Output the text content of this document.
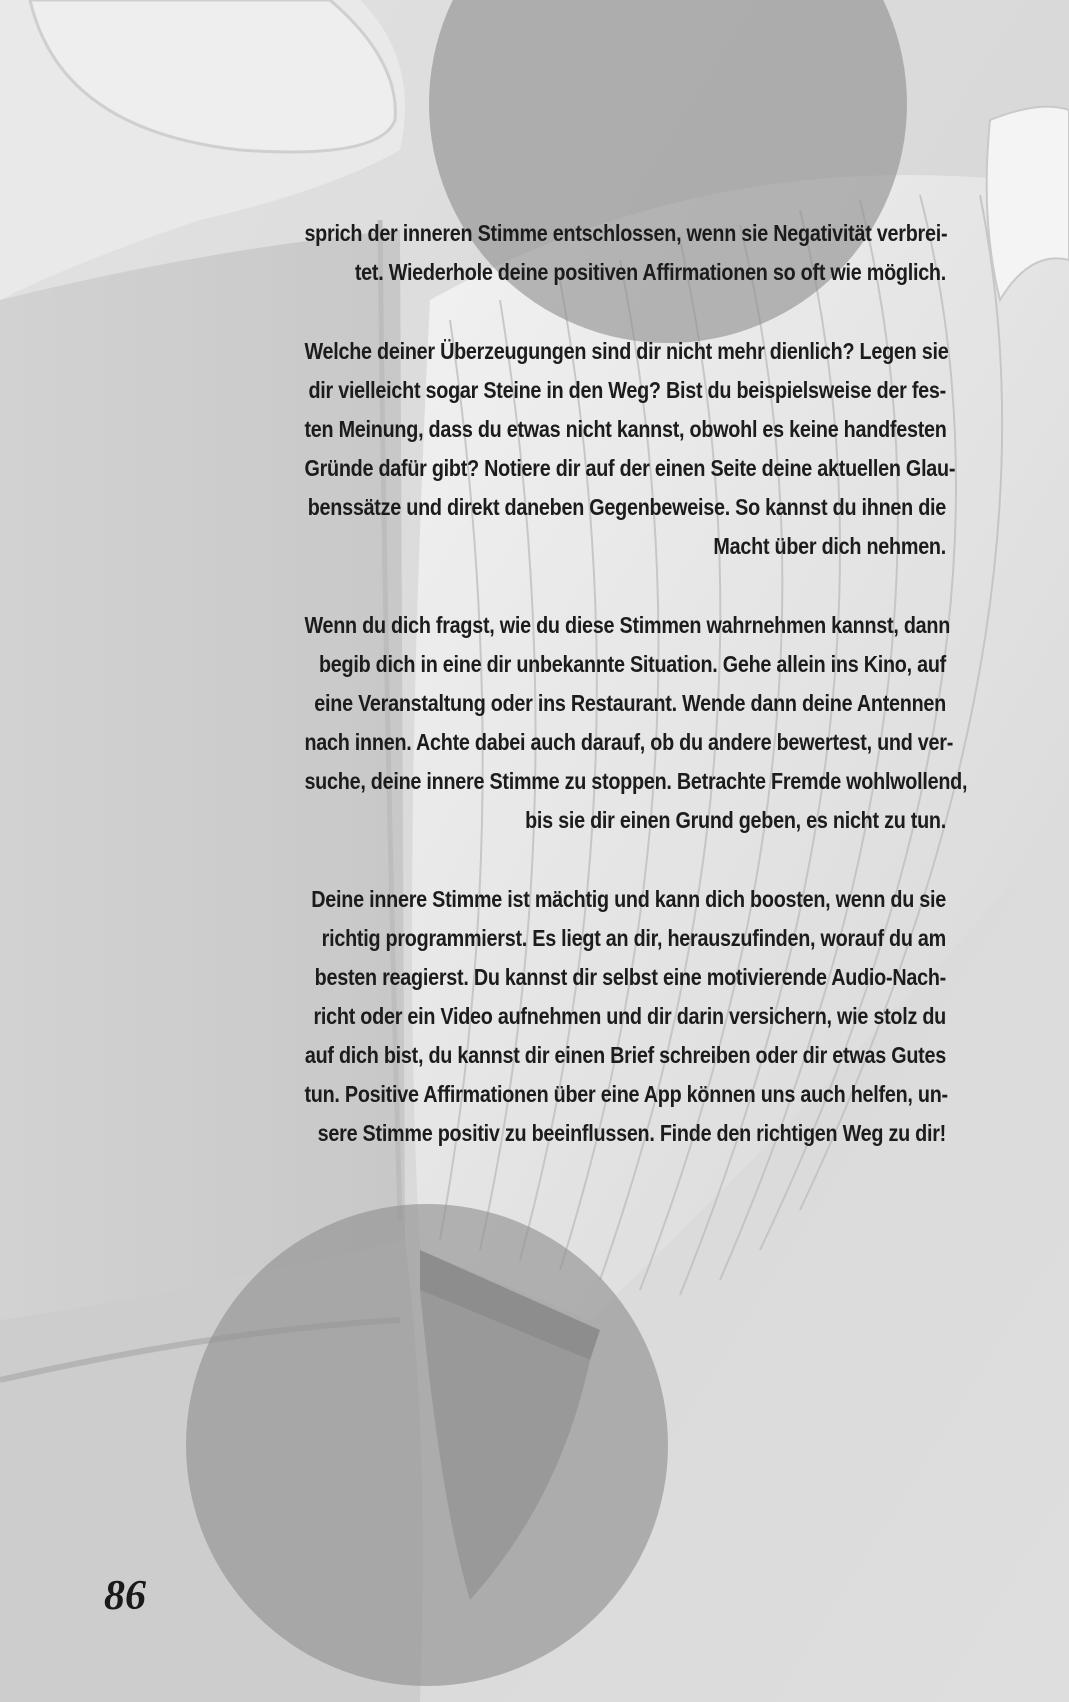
sprich der inneren Stimme entschlossen, wenn sie Negativität verbrei-
tet. Wiederhole deine positiven Affirmationen so oft wie möglich.
Welche deiner Überzeugungen sind dir nicht mehr dienlich? Legen sie
dir vielleicht sogar Steine in den Weg? Bist du beispielsweise der fes-
ten Meinung, dass du etwas nicht kannst, obwohl es keine handfesten
Gründe dafür gibt? Notiere dir auf der einen Seite deine aktuellen Glau-
benssätze und direkt daneben Gegenbeweise. So kannst du ihnen die
Macht über dich nehmen.
Wenn du dich fragst, wie du diese Stimmen wahrnehmen kannst, dann
begib dich in eine dir unbekannte Situation. Gehe allein ins Kino, auf
eine Veranstaltung oder ins Restaurant. Wende dann deine Antennen
nach innen. Achte dabei auch darauf, ob du andere bewertest, und ver-
suche, deine innere Stimme zu stoppen. Betrachte Fremde wohlwollend,
bis sie dir einen Grund geben, es nicht zu tun.
Deine innere Stimme ist mächtig und kann dich boosten, wenn du sie
richtig programmierst. Es liegt an dir, herauszufinden, worauf du am
besten reagierst. Du kannst dir selbst eine motivierende Audio-Nach-
richt oder ein Video aufnehmen und dir darin versichern, wie stolz du
auf dich bist, du kannst dir einen Brief schreiben oder dir etwas Gutes
tun. Positive Affirmationen über eine App können uns auch helfen, un-
sere Stimme positiv zu beeinflussen. Finde den richtigen Weg zu dir!

86
